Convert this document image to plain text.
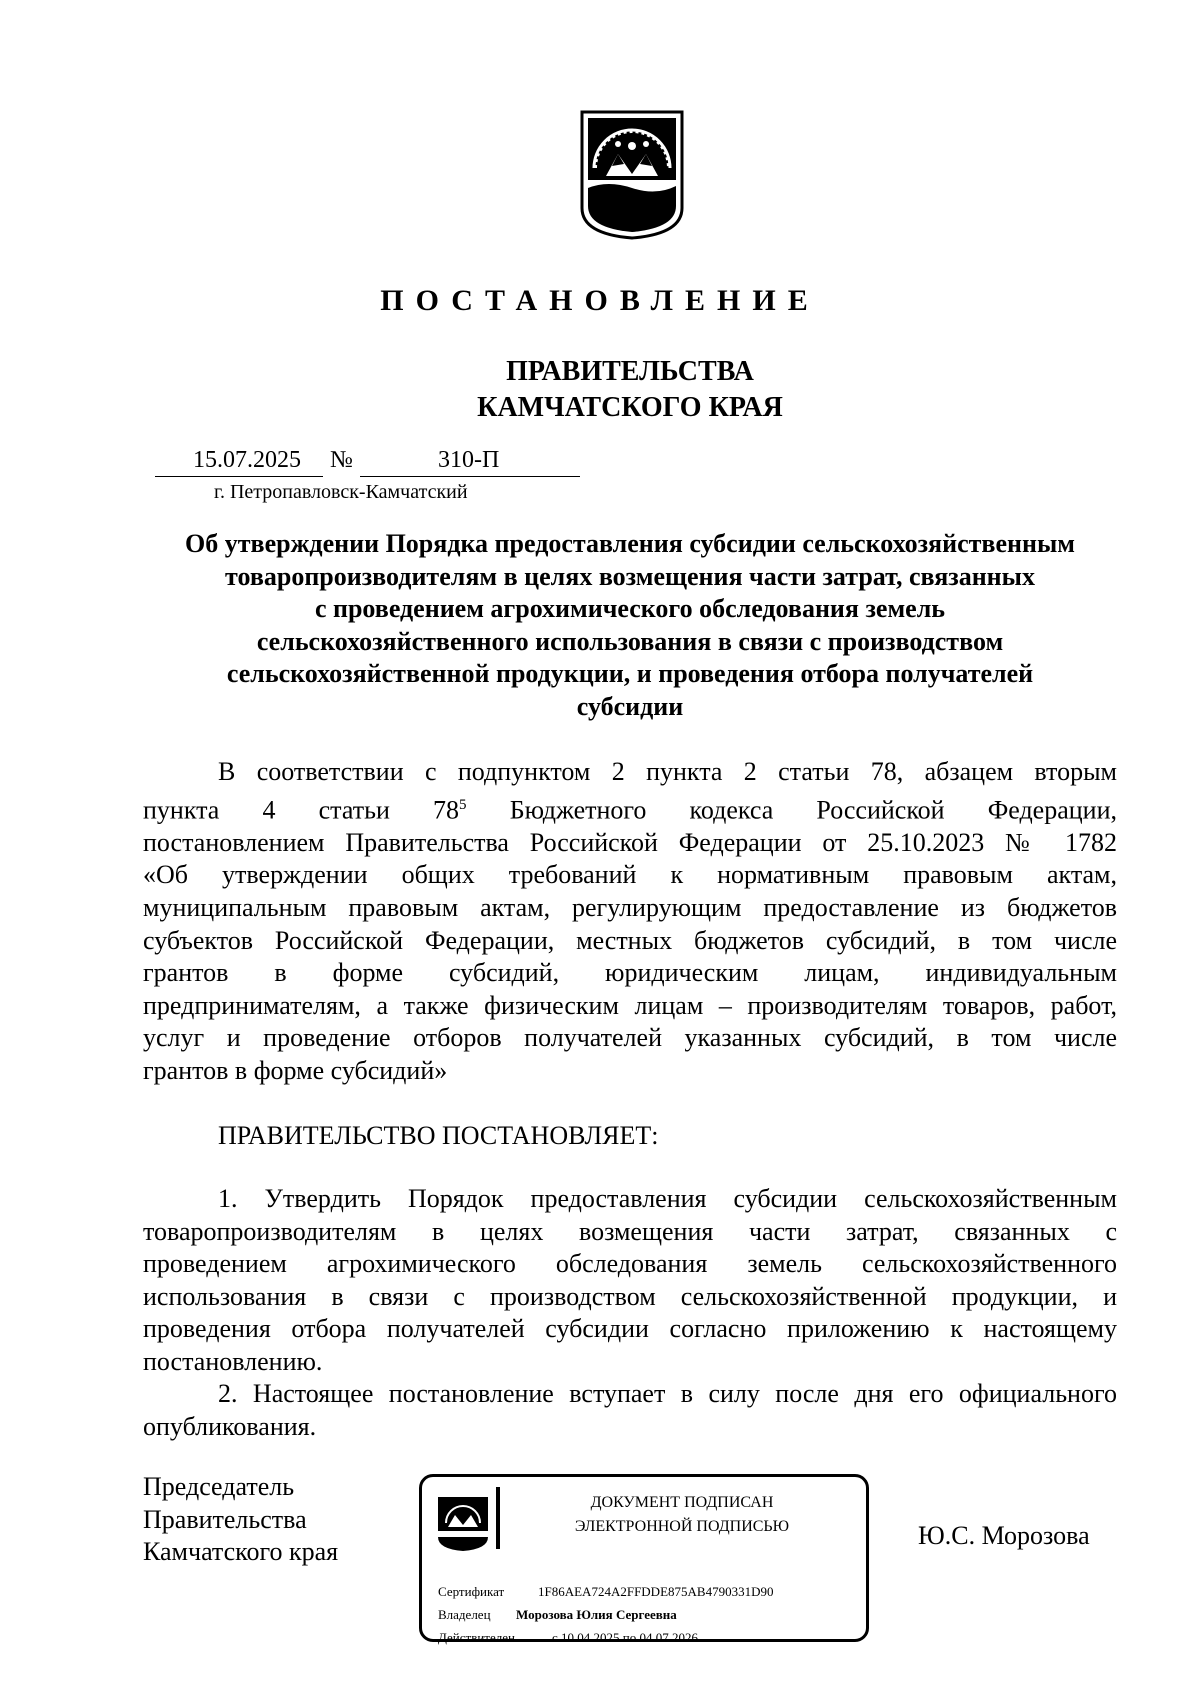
ПОСТАНОВЛЕНИЕ
ПРАВИТЕЛЬСТВА
КАМЧАТСКОГО КРАЯ
15.07.2025 №	310-П
г. Петропавловск-Камчатский
Об утверждении Порядка предоставления субсидии сельскохозяйственным
товаропроизводителям в целях возмещения части затрат, связанных
с проведением агрохимического обследования земель
сельскохозяйственного использования в связи с производством
сельскохозяйственной продукции, и проведения отбора получателей
субсидии
В соответствии с подпунктом 2 пункта 2 статьи 78, абзацем вторым
пункта 4 статьи $78^5$ Бюджетного кодекса Российской Федерации,
постановлением Правительства Российской Федерации от 25.10.2023 № 1782
«Об утверждении общих требований к нормативным правовым актам,
муниципальным правовым актам, регулирующим предоставление из бюджетов
субъектов Российской Федерации, местных бюджетов субсидий, в том числе
грантов в форме субсидий, юридическим лицам, индивидуальным
предпринимателям, а также физическим лицам – производителям товаров, работ,
услуг и проведение отборов получателей указанных субсидий, в том числе
грантов в форме субсидий»
ПРАВИТЕЛЬСТВО ПОСТАНОВЛЯЕТ:
1. Утвердить Порядок предоставления субсидии сельскохозяйственным
товаропроизводителям в целях возмещения части затрат, связанных с
проведением агрохимического обследования земель сельскохозяйственного
использования в связи с производством сельскохозяйственной продукции, и
проведения отбора получателей субсидии согласно приложению к настоящему
постановлению.
2. Настоящее постановление вступает в силу после дня его официального
опубликования.
Председатель
Правительства
Камчатского края
ДОКУМЕНТ ПОДПИСАН
ЭЛЕКТРОННОЙ ПОДПИСЬЮ
Сертификат	1F86AEA724A2FFDDE875AB4790331D90
Владелец Морозова Юлия Сергеевна
Действителен	с 10.04.2025 по 04.07.2026
Ю.С. Морозова
